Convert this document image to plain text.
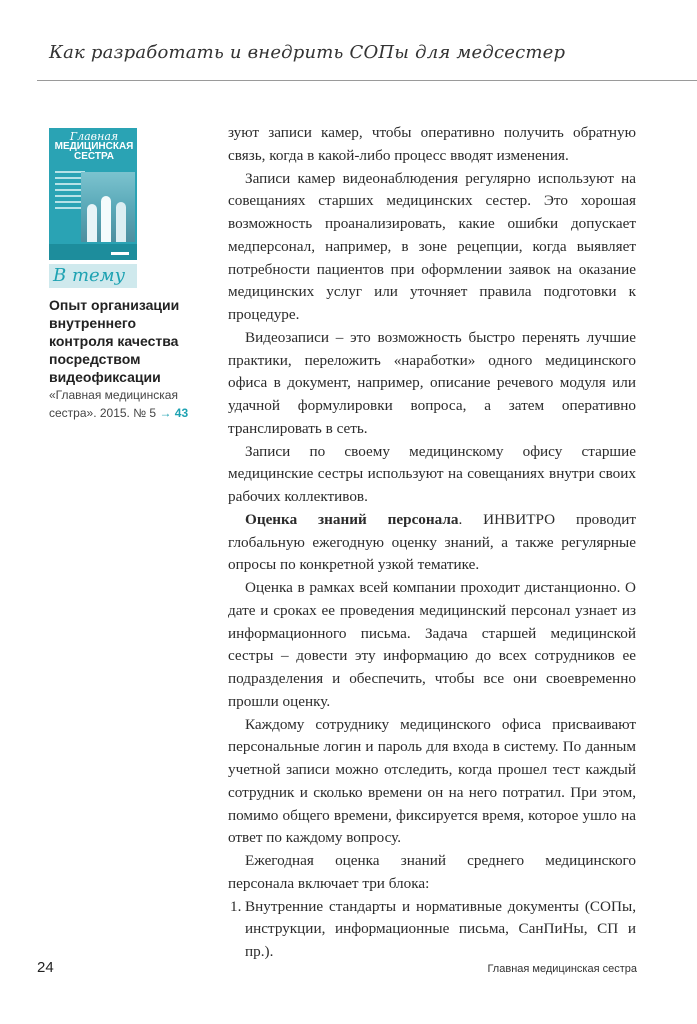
Как разработать и внедрить СОПы для медсестер
Главная
МЕДИЦИНСКАЯ
СЕСТРА
В тему
Опыт организации внутреннего контроля качества посредством видеофиксации
«Главная медицинская сестра». 2015. № 5 → 43

зуют записи камер, чтобы оперативно получить обратную связь, когда в какой-либо процесс вводят изменения.

Записи камер видеонаблюдения регулярно используют на совещаниях старших медицинских сестер. Это хорошая возможность проанализировать, какие ошибки допускает медперсонал, например, в зоне рецепции, когда выявляет потребности пациентов при оформлении заявок на оказание медицинских услуг или уточняет правила подготовки к процедуре.

Видеозаписи – это возможность быстро перенять лучшие практики, переложить «наработки» одного медицинского офиса в документ, например, описание речевого модуля или удачной формулировки вопроса, а затем оперативно транслировать в сеть.

Записи по своему медицинскому офису старшие медицинские сестры используют на совещаниях внутри своих рабочих коллективов.

Оценка знаний персонала. ИНВИТРО проводит глобальную ежегодную оценку знаний, а также регулярные опросы по конкретной узкой тематике.

Оценка в рамках всей компании проходит дистанционно. О дате и сроках ее проведения медицинский персонал узнает из информационного письма. Задача старшей медицинской сестры – довести эту информацию до всех сотрудников ее подразделения и обеспечить, чтобы все они своевременно прошли оценку.

Каждому сотруднику медицинского офиса присваивают персональные логин и пароль для входа в систему. По данным учетной записи можно отследить, когда прошел тест каждый сотрудник и сколько времени он на него потратил. При этом, помимо общего времени, фиксируется время, которое ушло на ответ по каждому вопросу.

Ежегодная оценка знаний среднего медицинского персонала включает три блока:

1. Внутренние стандарты и нормативные документы (СОПы, инструкции, информационные письма, СанПиНы, СП и пр.).
24	Главная медицинская сестра
